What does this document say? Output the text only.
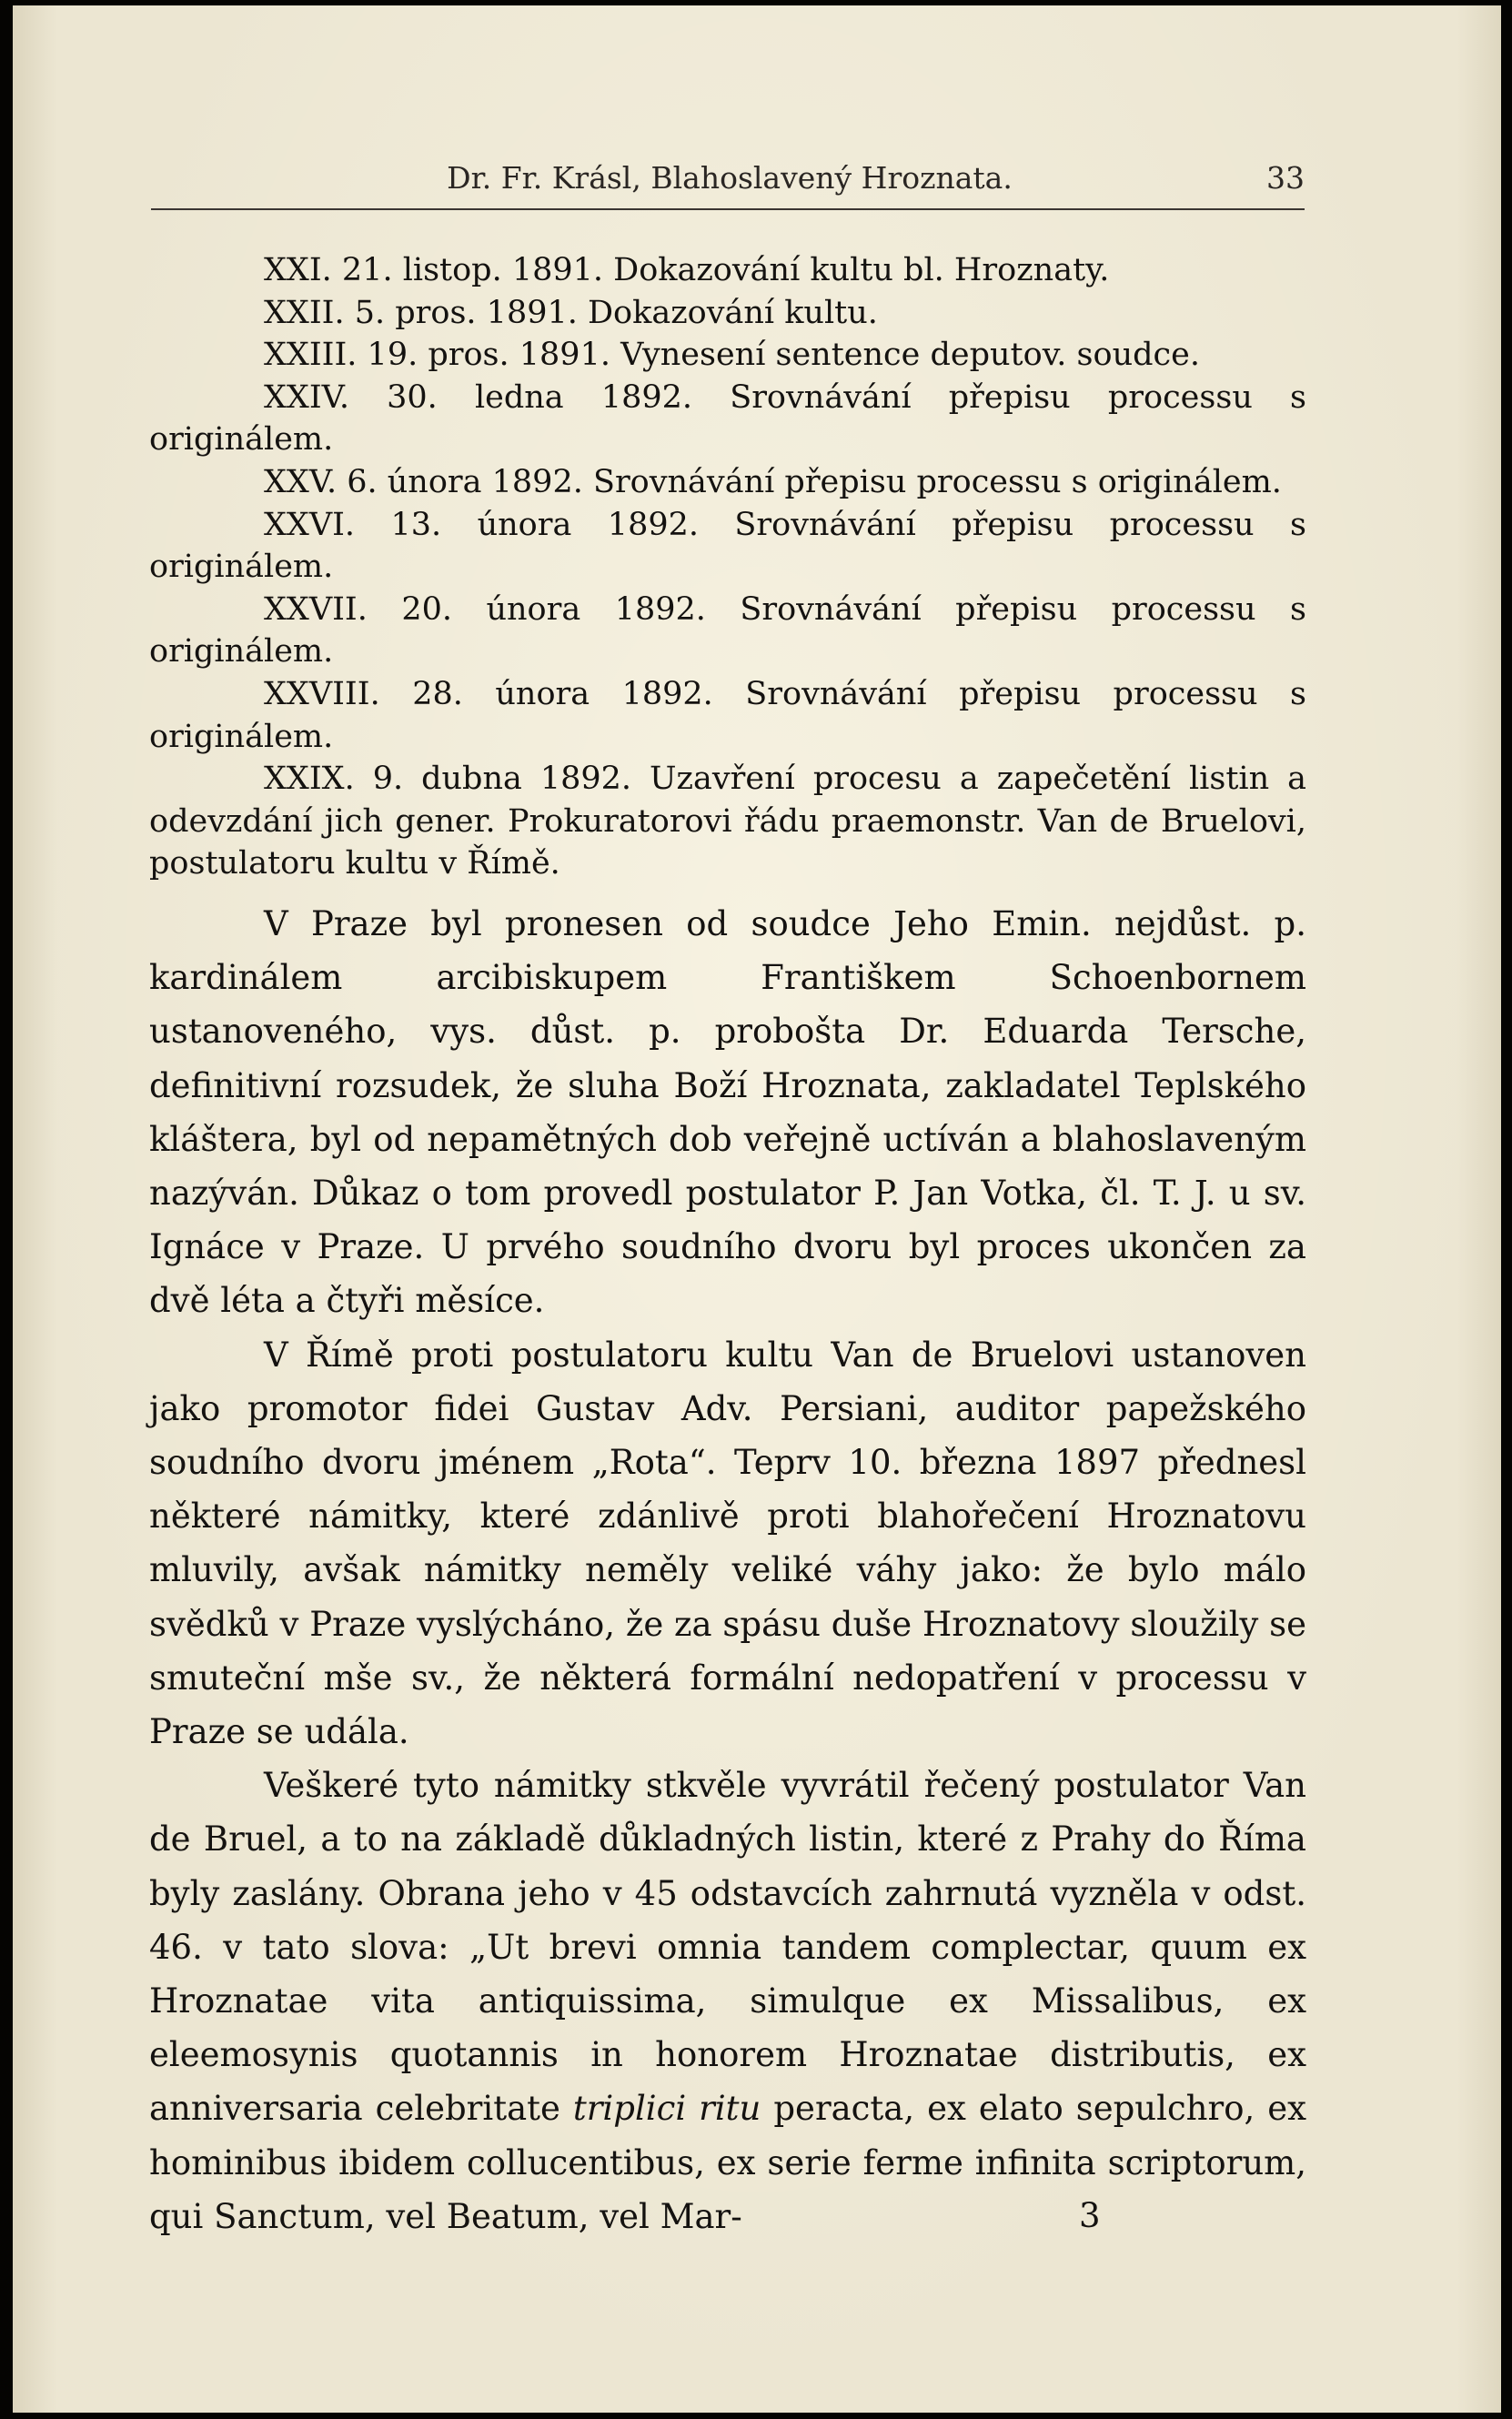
Dr. Fr. Krásl, Blahoslavený Hroznata.	33

XXI. 21. listop. 1891. Dokazování kultu bl. Hroznaty.

XXII. 5. pros. 1891. Dokazování kultu.

XXIII. 19. pros. 1891. Vynesení sentence deputov. soudce.

XXIV. 30. ledna 1892. Srovnávání přepisu processu s originálem.

XXV. 6. února 1892. Srovnávání přepisu processu s originálem.

XXVI. 13. února 1892. Srovnávání přepisu processu s originálem.

XXVII. 20. února 1892. Srovnávání přepisu processu s originálem.

XXVIII. 28. února 1892. Srovnávání přepisu processu s originálem.

XXIX. 9. dubna 1892. Uzavření procesu a zapečetění listin a odevzdání jich gener. Prokuratorovi řádu praemonstr. Van de Bruelovi, postulatoru kultu v Římě.

V Praze byl pronesen od soudce Jeho Emin. nejdůst. p. kardinálem arcibiskupem Františkem Schoenbornem ustanoveného, vys. důst. p. probošta Dr. Eduarda Tersche, definitivní rozsudek, že sluha Boží Hroznata, zakladatel Teplského kláštera, byl od nepamětných dob veřejně uctíván a blahoslaveným nazýván. Důkaz o tom provedl postulator P. Jan Votka, čl. T. J. u sv. Ignáce v Praze. U prvého soudního dvoru byl proces ukončen za dvě léta a čtyři měsíce.

V Římě proti postulatoru kultu Van de Bruelovi ustanoven jako promotor fidei Gustav Adv. Persiani, auditor papežského soudního dvoru jménem „Rota“. Teprv 10. března 1897 přednesl některé námitky, které zdánlivě proti blahořečení Hroznatovu mluvily, avšak námitky neměly veliké váhy jako: že bylo málo svědků v Praze vyslýcháno, že za spásu duše Hroznatovy sloužily se smuteční mše sv., že některá formální nedopatření v processu v Praze se udála.

Veškeré tyto námitky stkvěle vyvrátil řečený postulator Van de Bruel, a to na základě důkladných listin, které z Prahy do Říma byly zaslány. Obrana jeho v 45 odstavcích zahrnutá vyzněla v odst. 46. v tato slova: „Ut brevi omnia tandem complectar, quum ex Hroznatae vita antiquissima, simulque ex Missalibus, ex eleemosynis quotannis in honorem Hroznatae distributis, ex anniversaria celebritate triplici ritu peracta, ex elato sepulchro, ex hominibus ibidem collucentibus, ex serie ferme infinita scriptorum, qui Sanctum, vel Beatum, vel Mar-	3
